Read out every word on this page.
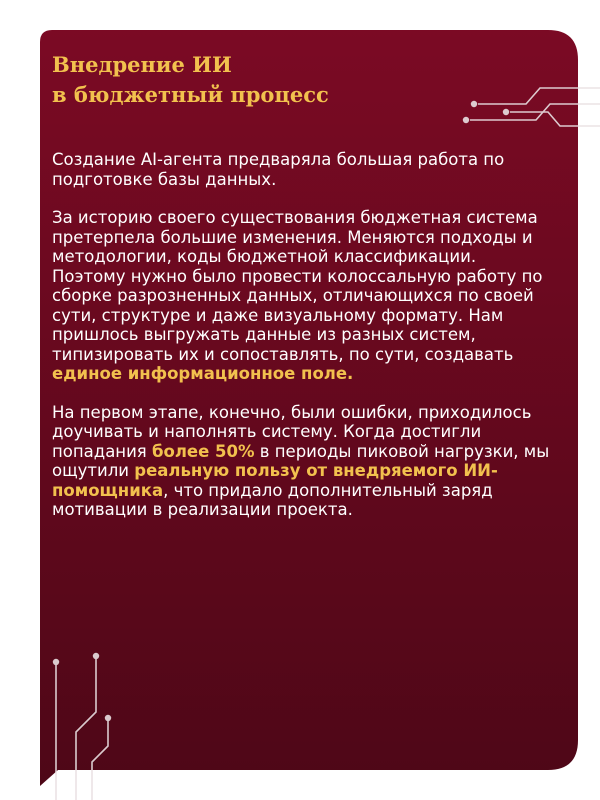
Внедрение ИИ
в бюджетный процесс

Создание AI-агента предваряла большая работа по подготовке базы данных.

За историю своего существования бюджетная система претерпела большие изменения. Меняются подходы и методологии, коды бюджетной классификации. Поэтому нужно было провести колоссальную работу по сборке разрозненных данных, отличающихся по своей сути, структуре и даже визуальному формату. Нам пришлось выгружать данные из разных систем, типизировать их и сопоставлять, по сути, создавать единое информационное поле.

На первом этапе, конечно, были ошибки, приходилось доучивать и наполнять систему. Когда достигли попадания более 50% в периоды пиковой нагрузки, мы ощутили реальную пользу от внедряемого ИИ-помощника, что придало дополнительный заряд мотивации в реализации проекта.
